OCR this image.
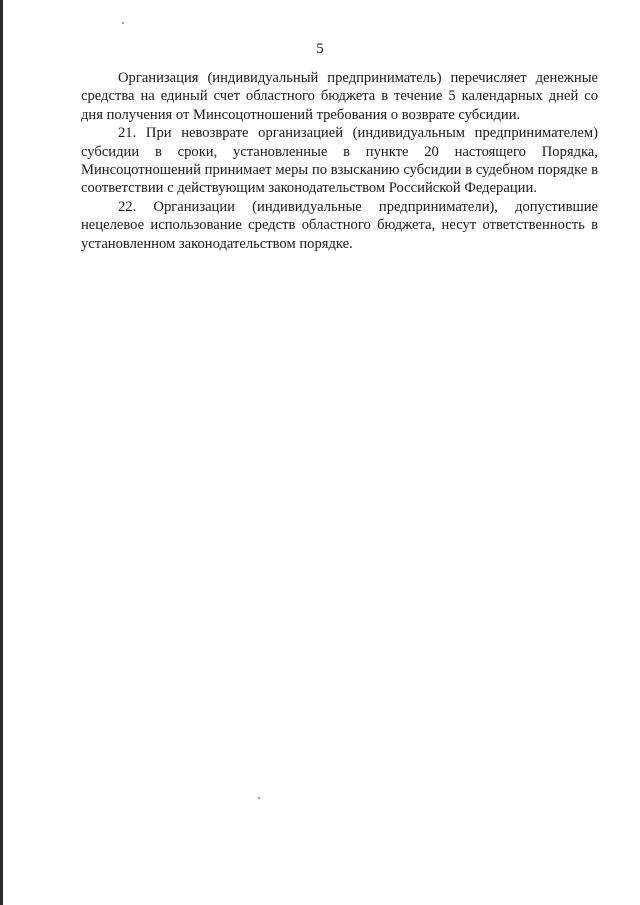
5

Организация (индивидуальный предприниматель) перечисляет денежные средства на единый счет областного бюджета в течение 5 календарных дней со дня получения от Минсоцотношений требования о возврате субсидии.

21. При невозврате организацией (индивидуальным предпринимателем) субсидии в сроки, установленные в пункте 20 настоящего Порядка, Минсоцотношений принимает меры по взысканию субсидии в судебном порядке в соответствии с действующим законодательством Российской Федерации.

22. Организации (индивидуальные предприниматели), допустившие нецелевое использование средств областного бюджета, несут ответственность в установленном законодательством порядке.
